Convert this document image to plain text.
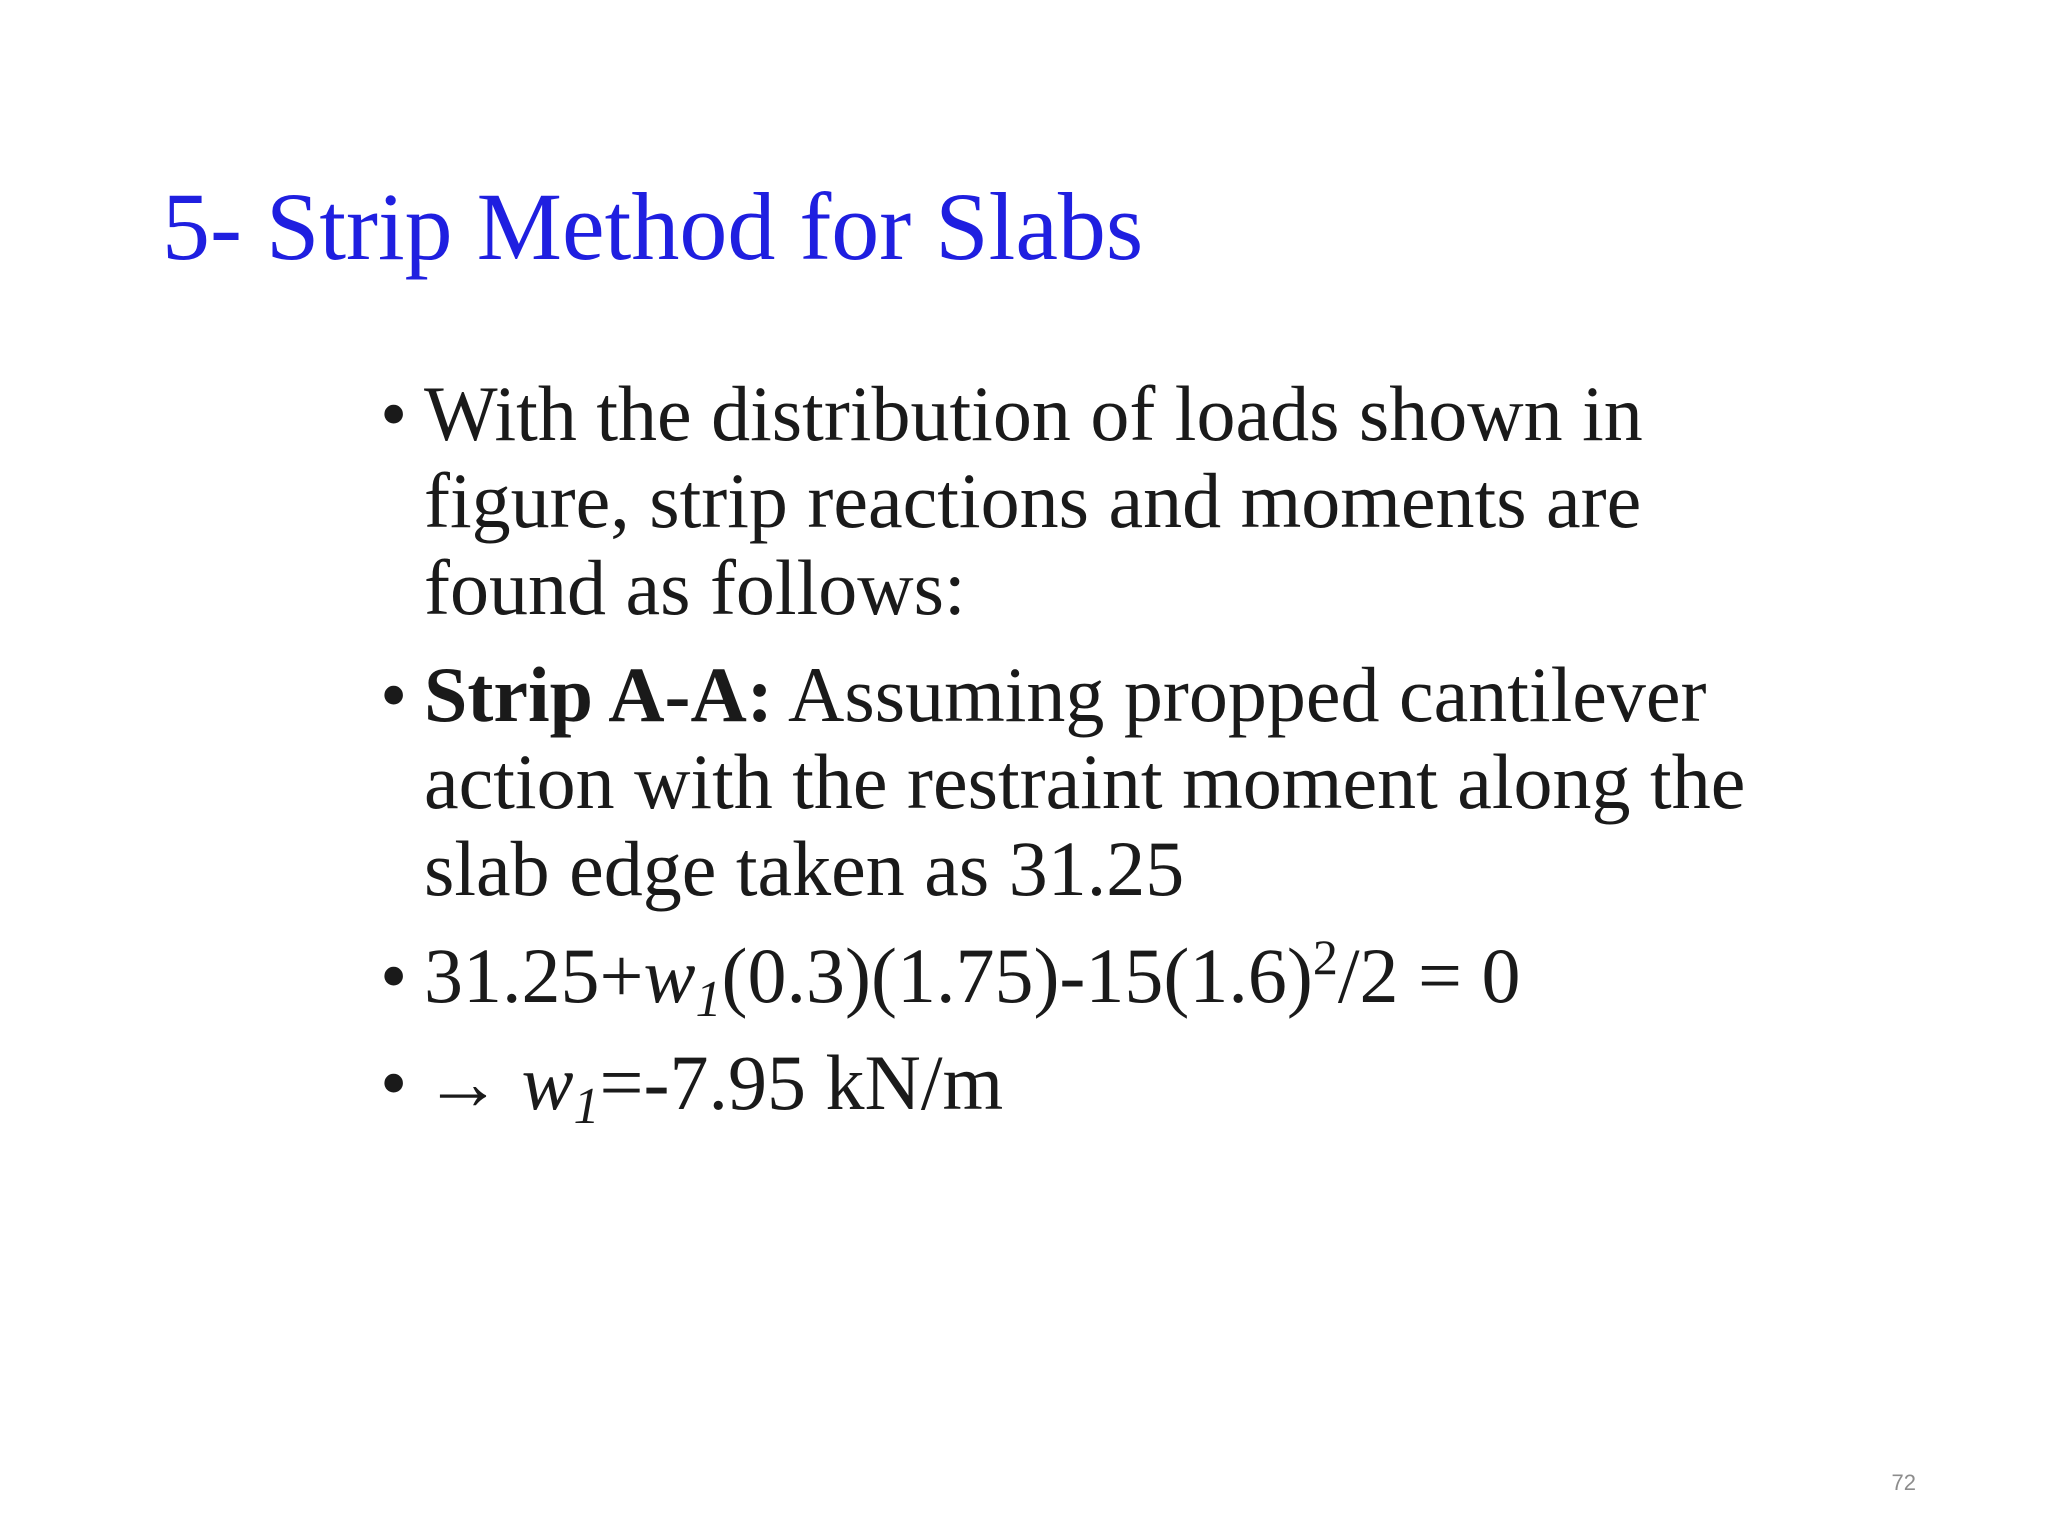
5- Strip Method for Slabs
• With the distribution of loads shown in figure, strip reactions and moments are found as follows:
• Strip A-A: Assuming propped cantilever action with the restraint moment along the slab edge taken as 31.25
• $31.25+w_1(0.3)(1.75)-15(1.6)^2/2 = 0$
• → $w_1=-7.95$ kN/m
72
